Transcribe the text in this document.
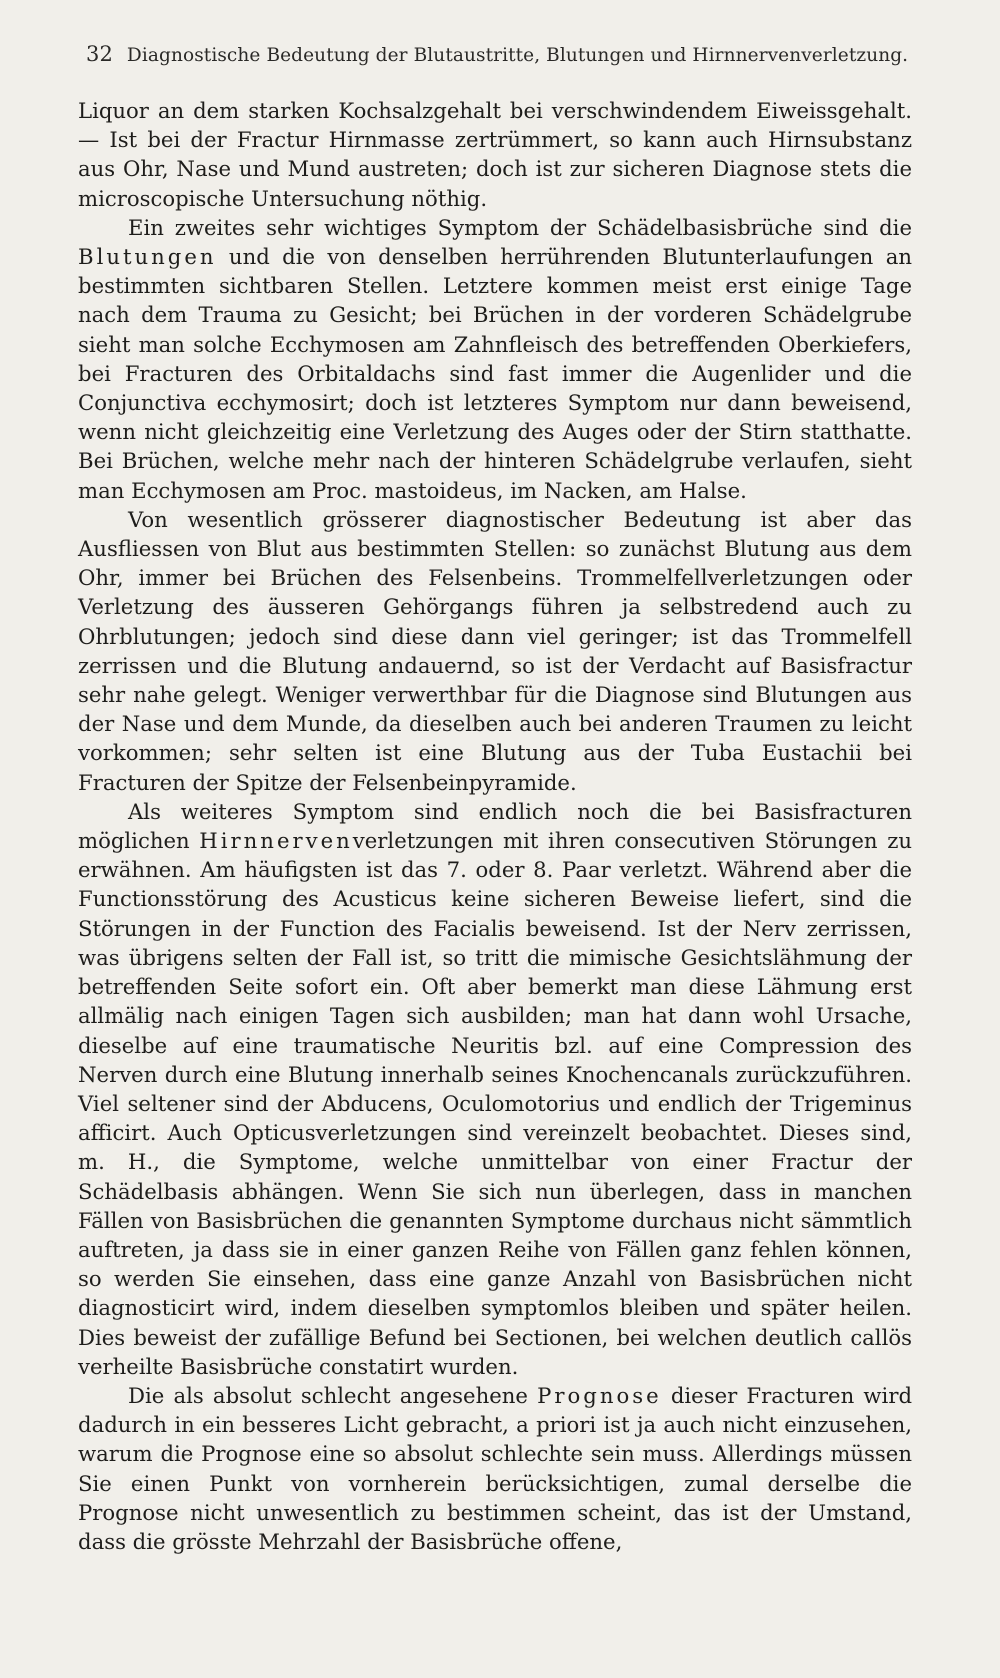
32 Diagnostische Bedeutung der Blutaustritte, Blutungen und Hirnnervenverletzung.

Liquor an dem starken Kochsalzgehalt bei verschwindendem Eiweissgehalt. — Ist bei der Fractur Hirnmasse zertrümmert, so kann auch Hirnsubstanz aus Ohr, Nase und Mund austreten; doch ist zur sicheren Diagnose stets die microscopische Untersuchung nöthig.

Ein zweites sehr wichtiges Symptom der Schädelbasisbrüche sind die Blutungen und die von denselben herrührenden Blutunterlaufungen an bestimmten sichtbaren Stellen. Letztere kommen meist erst einige Tage nach dem Trauma zu Gesicht; bei Brüchen in der vorderen Schädelgrube sieht man solche Ecchymosen am Zahnfleisch des betreffenden Oberkiefers, bei Fracturen des Orbitaldachs sind fast immer die Augenlider und die Conjunctiva ecchymosirt; doch ist letzteres Symptom nur dann beweisend, wenn nicht gleichzeitig eine Verletzung des Auges oder der Stirn statthatte. Bei Brüchen, welche mehr nach der hinteren Schädelgrube verlaufen, sieht man Ecchymosen am Proc. mastoideus, im Nacken, am Halse.

Von wesentlich grösserer diagnostischer Bedeutung ist aber das Ausfliessen von Blut aus bestimmten Stellen: so zunächst Blutung aus dem Ohr, immer bei Brüchen des Felsenbeins. Trommelfellverletzungen oder Verletzung des äusseren Gehörgangs führen ja selbstredend auch zu Ohrblutungen; jedoch sind diese dann viel geringer; ist das Trommelfell zerrissen und die Blutung andauernd, so ist der Verdacht auf Basisfractur sehr nahe gelegt. Weniger verwerthbar für die Diagnose sind Blutungen aus der Nase und dem Munde, da dieselben auch bei anderen Traumen zu leicht vorkommen; sehr selten ist eine Blutung aus der Tuba Eustachii bei Fracturen der Spitze der Felsenbeinpyramide.

Als weiteres Symptom sind endlich noch die bei Basisfracturen möglichen Hirnnervenverletzungen mit ihren consecutiven Störungen zu erwähnen. Am häufigsten ist das 7. oder 8. Paar verletzt. Während aber die Functionsstörung des Acusticus keine sicheren Beweise liefert, sind die Störungen in der Function des Facialis beweisend. Ist der Nerv zerrissen, was übrigens selten der Fall ist, so tritt die mimische Gesichtslähmung der betreffenden Seite sofort ein. Oft aber bemerkt man diese Lähmung erst allmälig nach einigen Tagen sich ausbilden; man hat dann wohl Ursache, dieselbe auf eine traumatische Neuritis bzl. auf eine Compression des Nerven durch eine Blutung innerhalb seines Knochencanals zurückzuführen. Viel seltener sind der Abducens, Oculomotorius und endlich der Trigeminus afficirt. Auch Opticusverletzungen sind vereinzelt beobachtet. Dieses sind, m. H., die Symptome, welche unmittelbar von einer Fractur der Schädelbasis abhängen. Wenn Sie sich nun überlegen, dass in manchen Fällen von Basisbrüchen die genannten Symptome durchaus nicht sämmtlich auftreten, ja dass sie in einer ganzen Reihe von Fällen ganz fehlen können, so werden Sie einsehen, dass eine ganze Anzahl von Basisbrüchen nicht diagnosticirt wird, indem dieselben symptomlos bleiben und später heilen. Dies beweist der zufällige Befund bei Sectionen, bei welchen deutlich callös verheilte Basisbrüche constatirt wurden.

Die als absolut schlecht angesehene Prognose dieser Fracturen wird dadurch in ein besseres Licht gebracht, a priori ist ja auch nicht einzusehen, warum die Prognose eine so absolut schlechte sein muss. Allerdings müssen Sie einen Punkt von vornherein berücksichtigen, zumal derselbe die Prognose nicht unwesentlich zu bestimmen scheint, das ist der Umstand, dass die grösste Mehrzahl der Basisbrüche offene,
